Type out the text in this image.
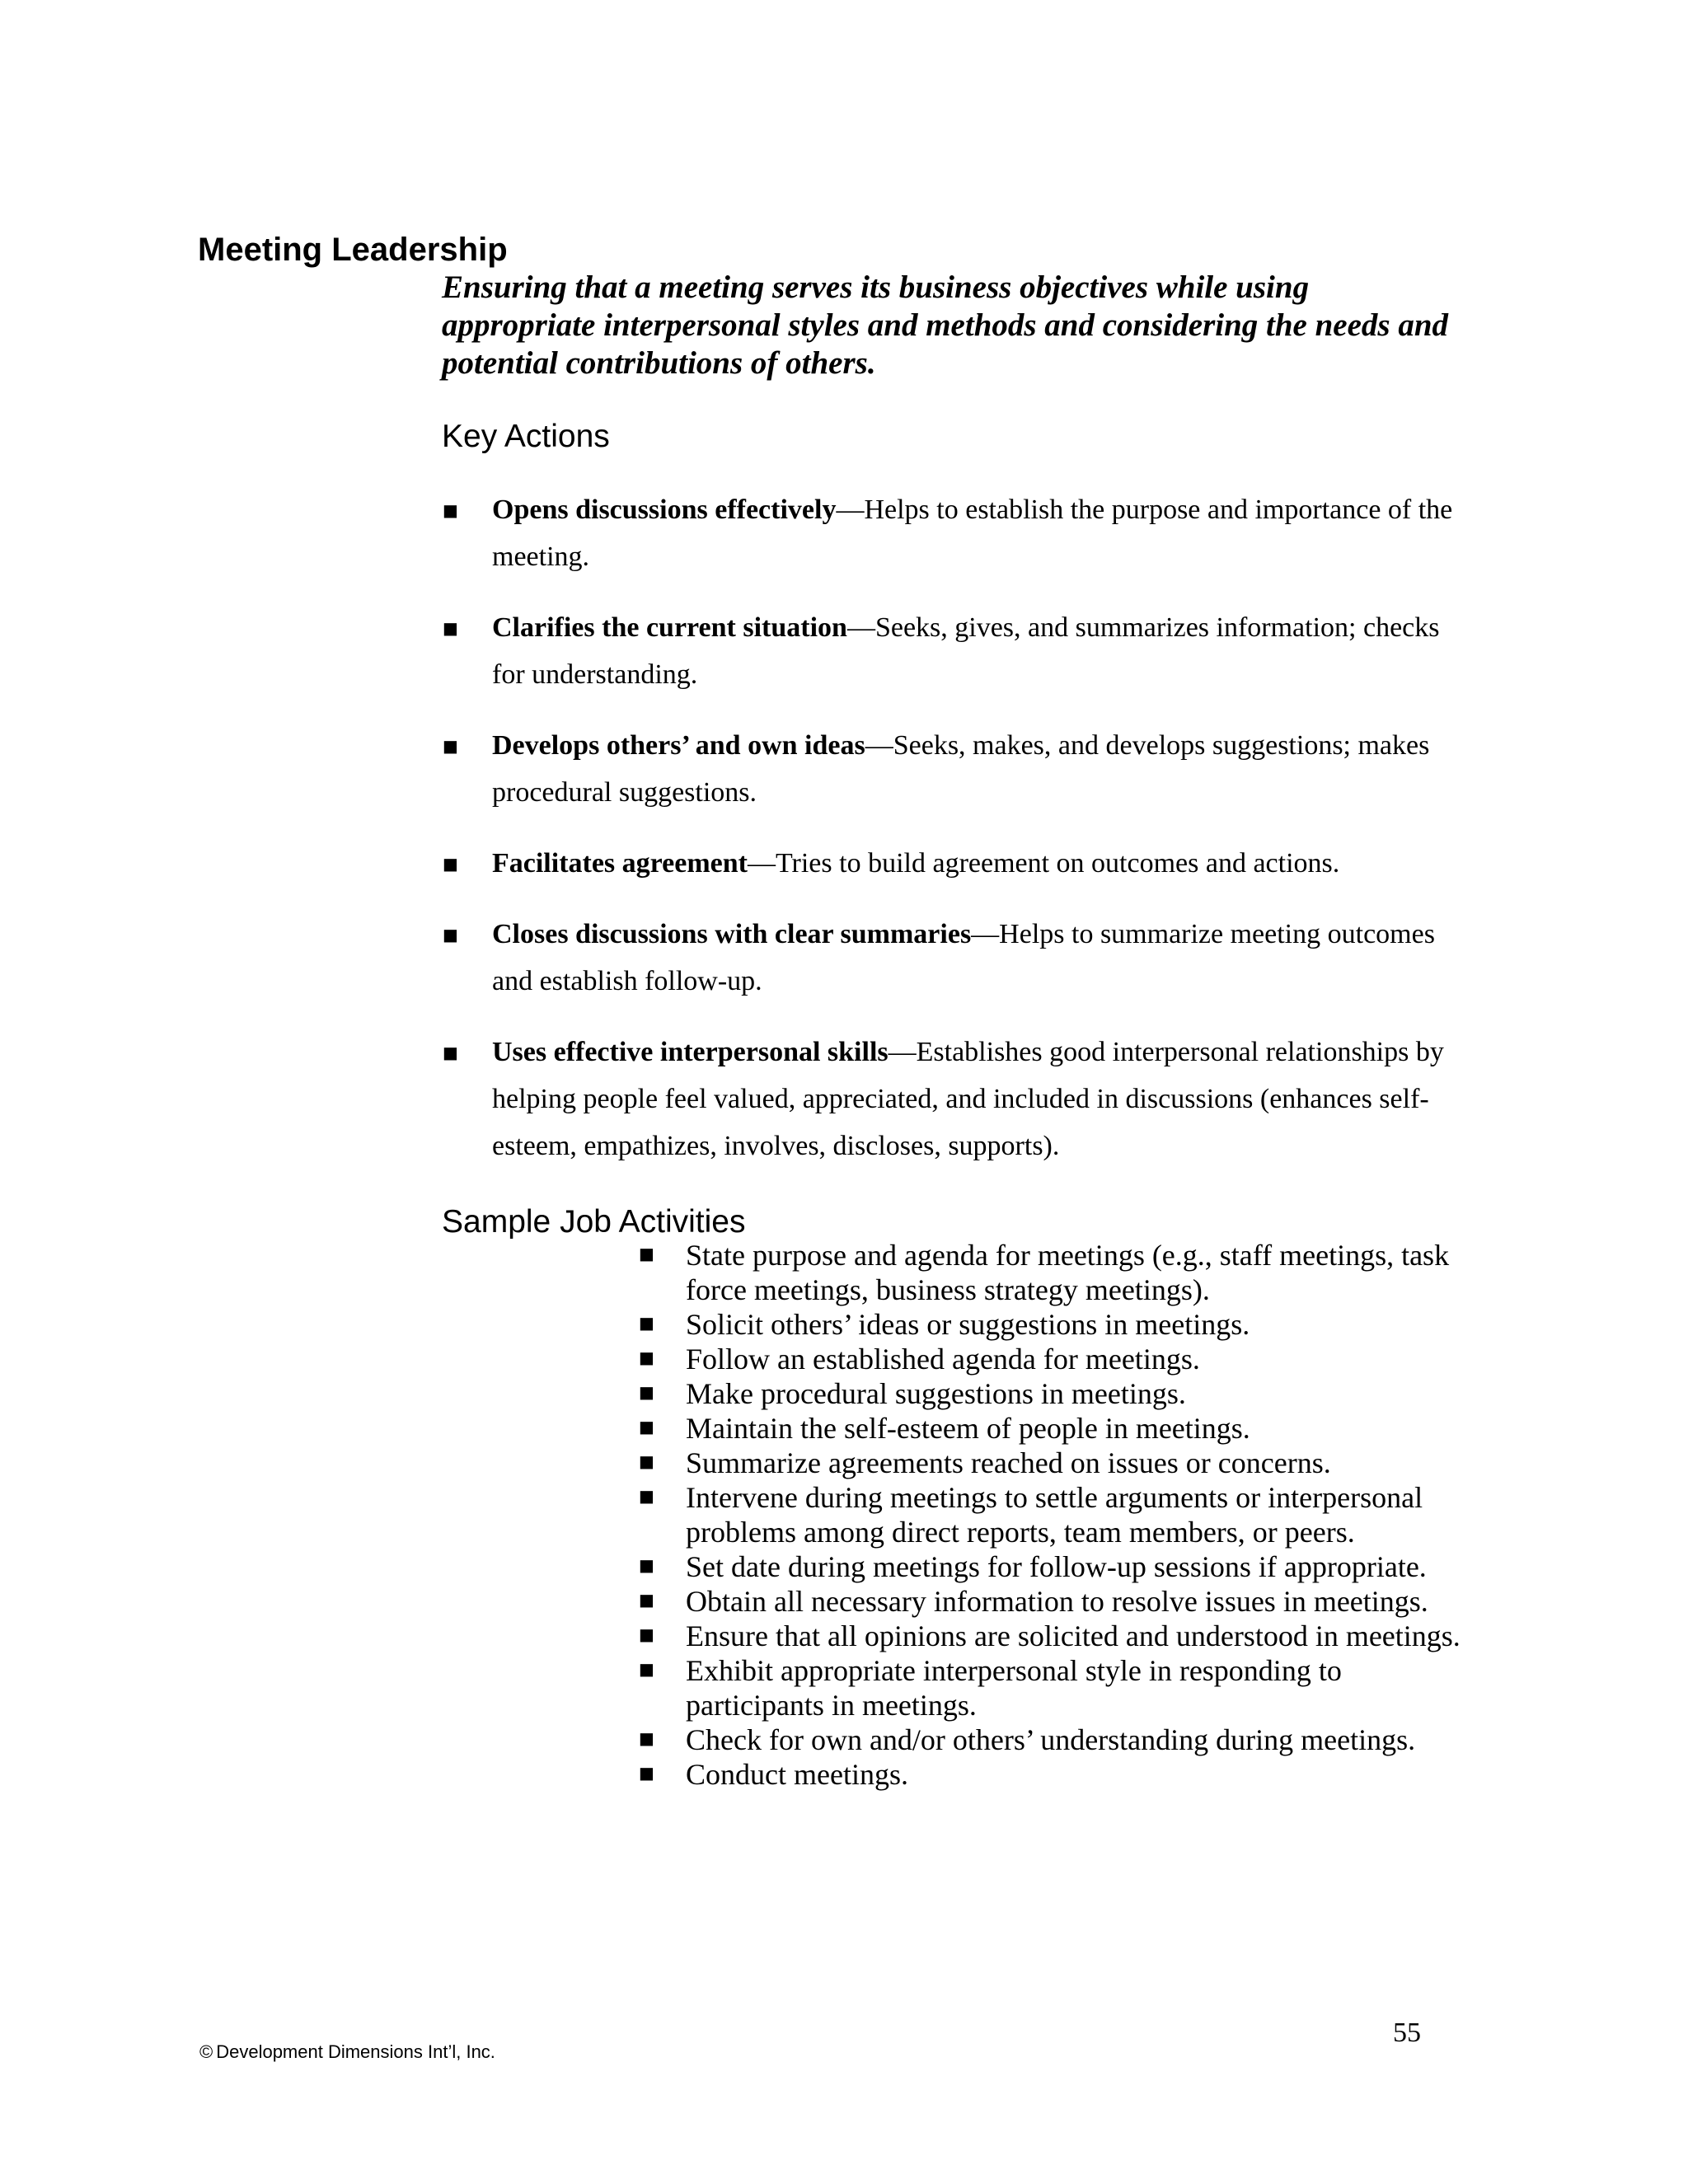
Meeting Leadership

Ensuring that a meeting serves its business objectives while using appropriate interpersonal styles and methods and considering the needs and potential contributions of others.

Key Actions
■ Opens discussions effectively—Helps to establish the purpose and importance of the meeting.
■ Clarifies the current situation—Seeks, gives, and summarizes information; checks for understanding.
■ Develops others’ and own ideas—Seeks, makes, and develops suggestions; makes procedural suggestions.
■ Facilitates agreement—Tries to build agreement on outcomes and actions.
■ Closes discussions with clear summaries—Helps to summarize meeting outcomes and establish follow-up.
■ Uses effective interpersonal skills—Establishes good interpersonal relationships by helping people feel valued, appreciated, and included in discussions (enhances self-esteem, empathizes, involves, discloses, supports).
Sample Job Activities
■ State purpose and agenda for meetings (e.g., staff meetings, task force meetings, business strategy meetings).
■ Solicit others’ ideas or suggestions in meetings.
■ Follow an established agenda for meetings.
■ Make procedural suggestions in meetings.
■ Maintain the self-esteem of people in meetings.
■ Summarize agreements reached on issues or concerns.
■ Intervene during meetings to settle arguments or interpersonal problems among direct reports, team members, or peers.
■ Set date during meetings for follow-up sessions if appropriate.
■ Obtain all necessary information to resolve issues in meetings.
■ Ensure that all opinions are solicited and understood in meetings.
■ Exhibit appropriate interpersonal style in responding to participants in meetings.
■ Check for own and/or others’ understanding during meetings.
■ Conduct meetings.

© Development Dimensions Int’l, Inc.

55
